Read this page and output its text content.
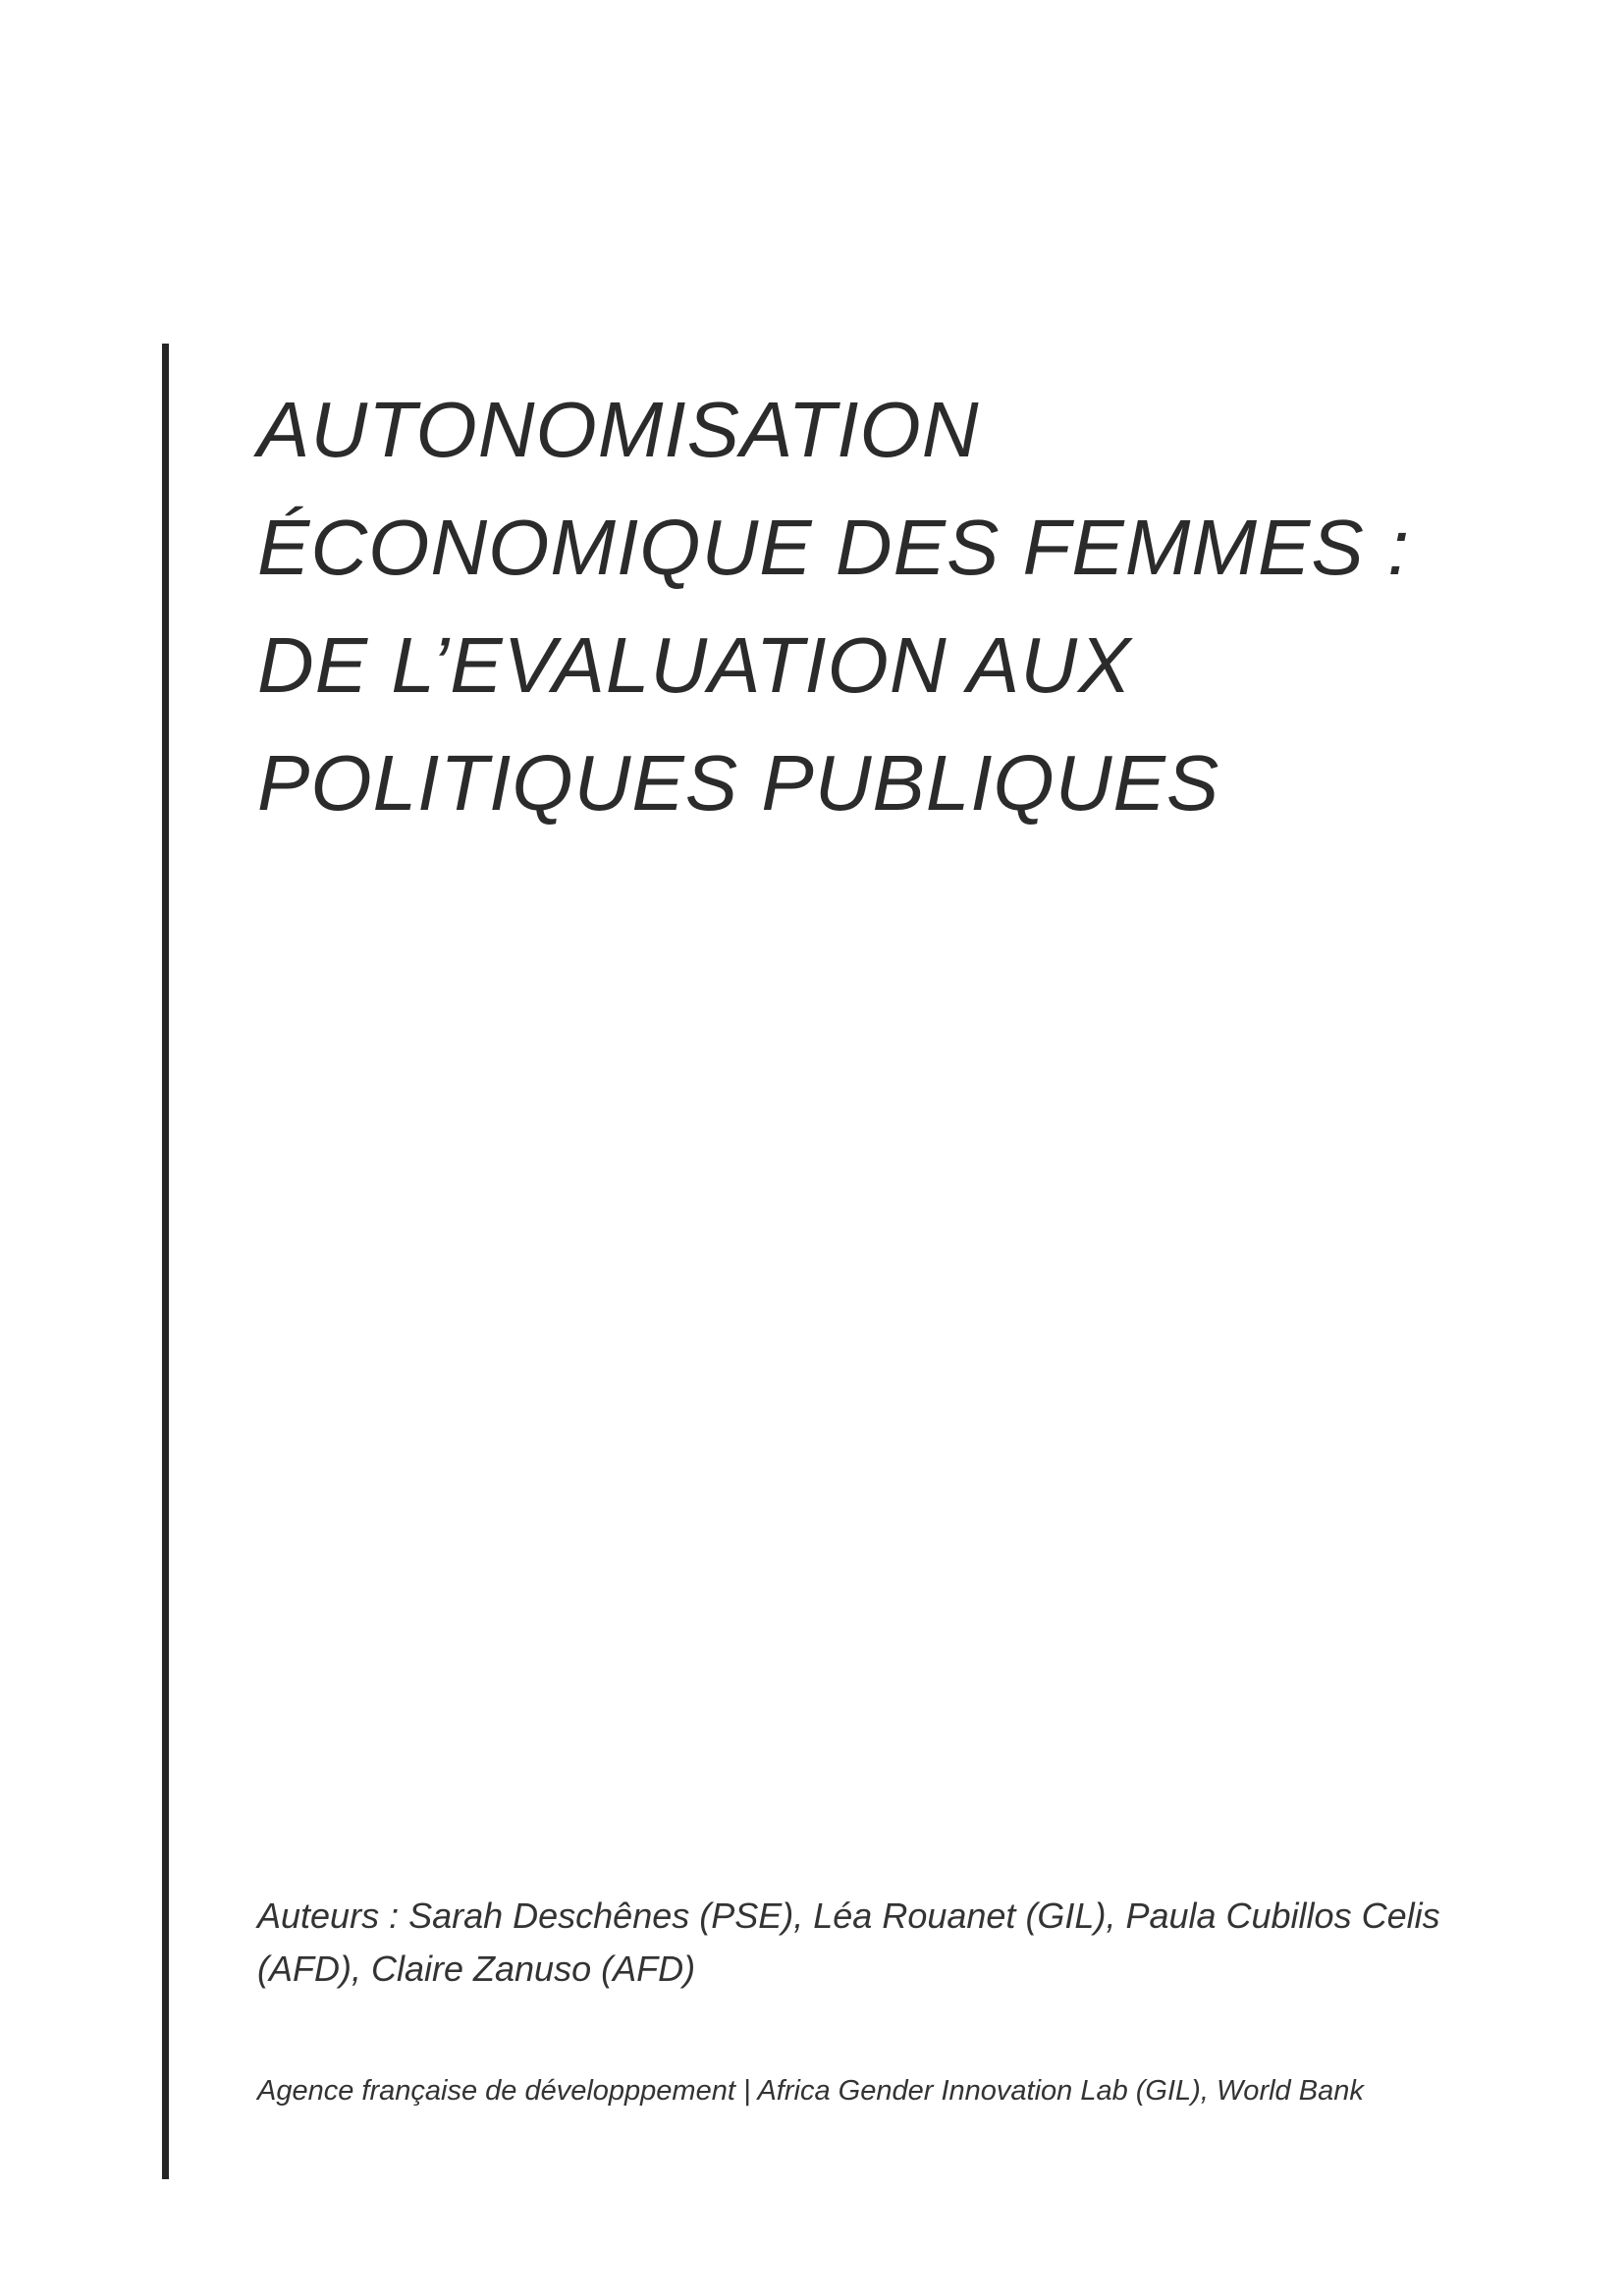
AUTONOMISATION
ÉCONOMIQUE DES FEMMES :
DE L’EVALUATION AUX
POLITIQUES PUBLIQUES
Auteurs : Sarah Deschênes (PSE), Léa Rouanet (GIL), Paula Cubillos Celis
(AFD), Claire Zanuso (AFD)
Agence française de développpement | Africa Gender Innovation Lab (GIL), World Bank
